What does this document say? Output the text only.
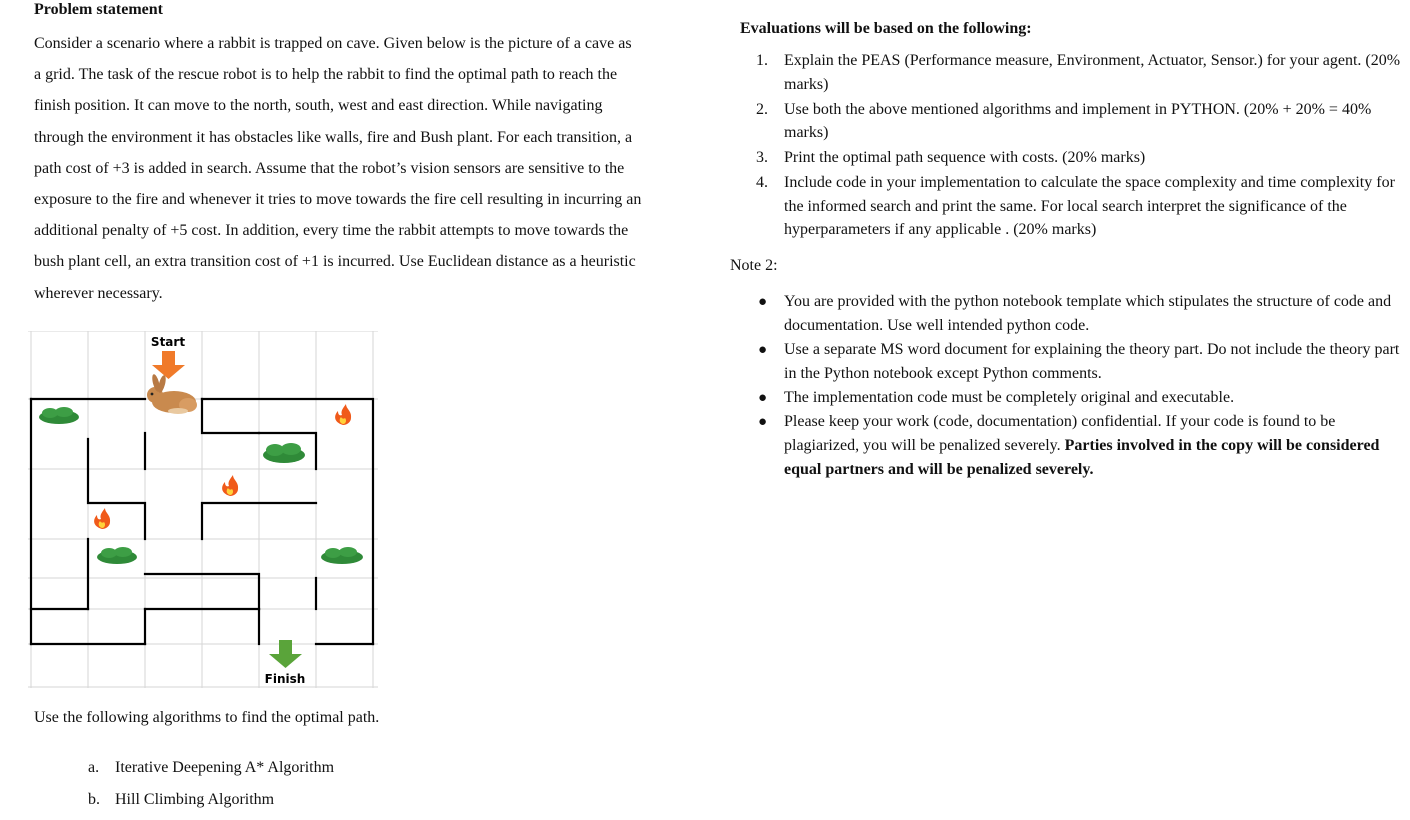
Problem statement
Consider a scenario where a rabbit is trapped on cave. Given below is the picture of a cave as
a grid. The task of the rescue robot is to help the rabbit to find the optimal path to reach the
finish position. It can move to the north, south, west and east direction. While navigating
through the environment it has obstacles like walls, fire and Bush plant. For each transition, a
path cost of +3 is added in search. Assume that the robot’s vision sensors are sensitive to the
exposure to the fire and whenever it tries to move towards the fire cell resulting in incurring an
additional penalty of +5 cost. In addition, every time the rabbit attempts to move towards the
bush plant cell, an extra transition cost of +1 is incurred. Use Euclidean distance as a heuristic
wherever necessary.
Start
Finish
Use the following algorithms to find the optimal path.
a. Iterative Deepening A* Algorithm
b. Hill Climbing Algorithm
Evaluations will be based on the following:
1. Explain the PEAS (Performance measure, Environment, Actuator, Sensor.) for your agent. (20% marks)
2. Use both the above mentioned algorithms and implement in PYTHON. (20% + 20% = 40% marks)
3. Print the optimal path sequence with costs. (20% marks)
4. Include code in your implementation to calculate the space complexity and time complexity for the informed search and print the same. For local search interpret the significance of the hyperparameters if any applicable . (20% marks)
Note 2:
● You are provided with the python notebook template which stipulates the structure of code and documentation. Use well intended python code.
● Use a separate MS word document for explaining the theory part. Do not include the theory part in the Python notebook except Python comments.
● The implementation code must be completely original and executable.
● Please keep your work (code, documentation) confidential. If your code is found to be plagiarized, you will be penalized severely. Parties involved in the copy will be considered equal partners and will be penalized severely.
